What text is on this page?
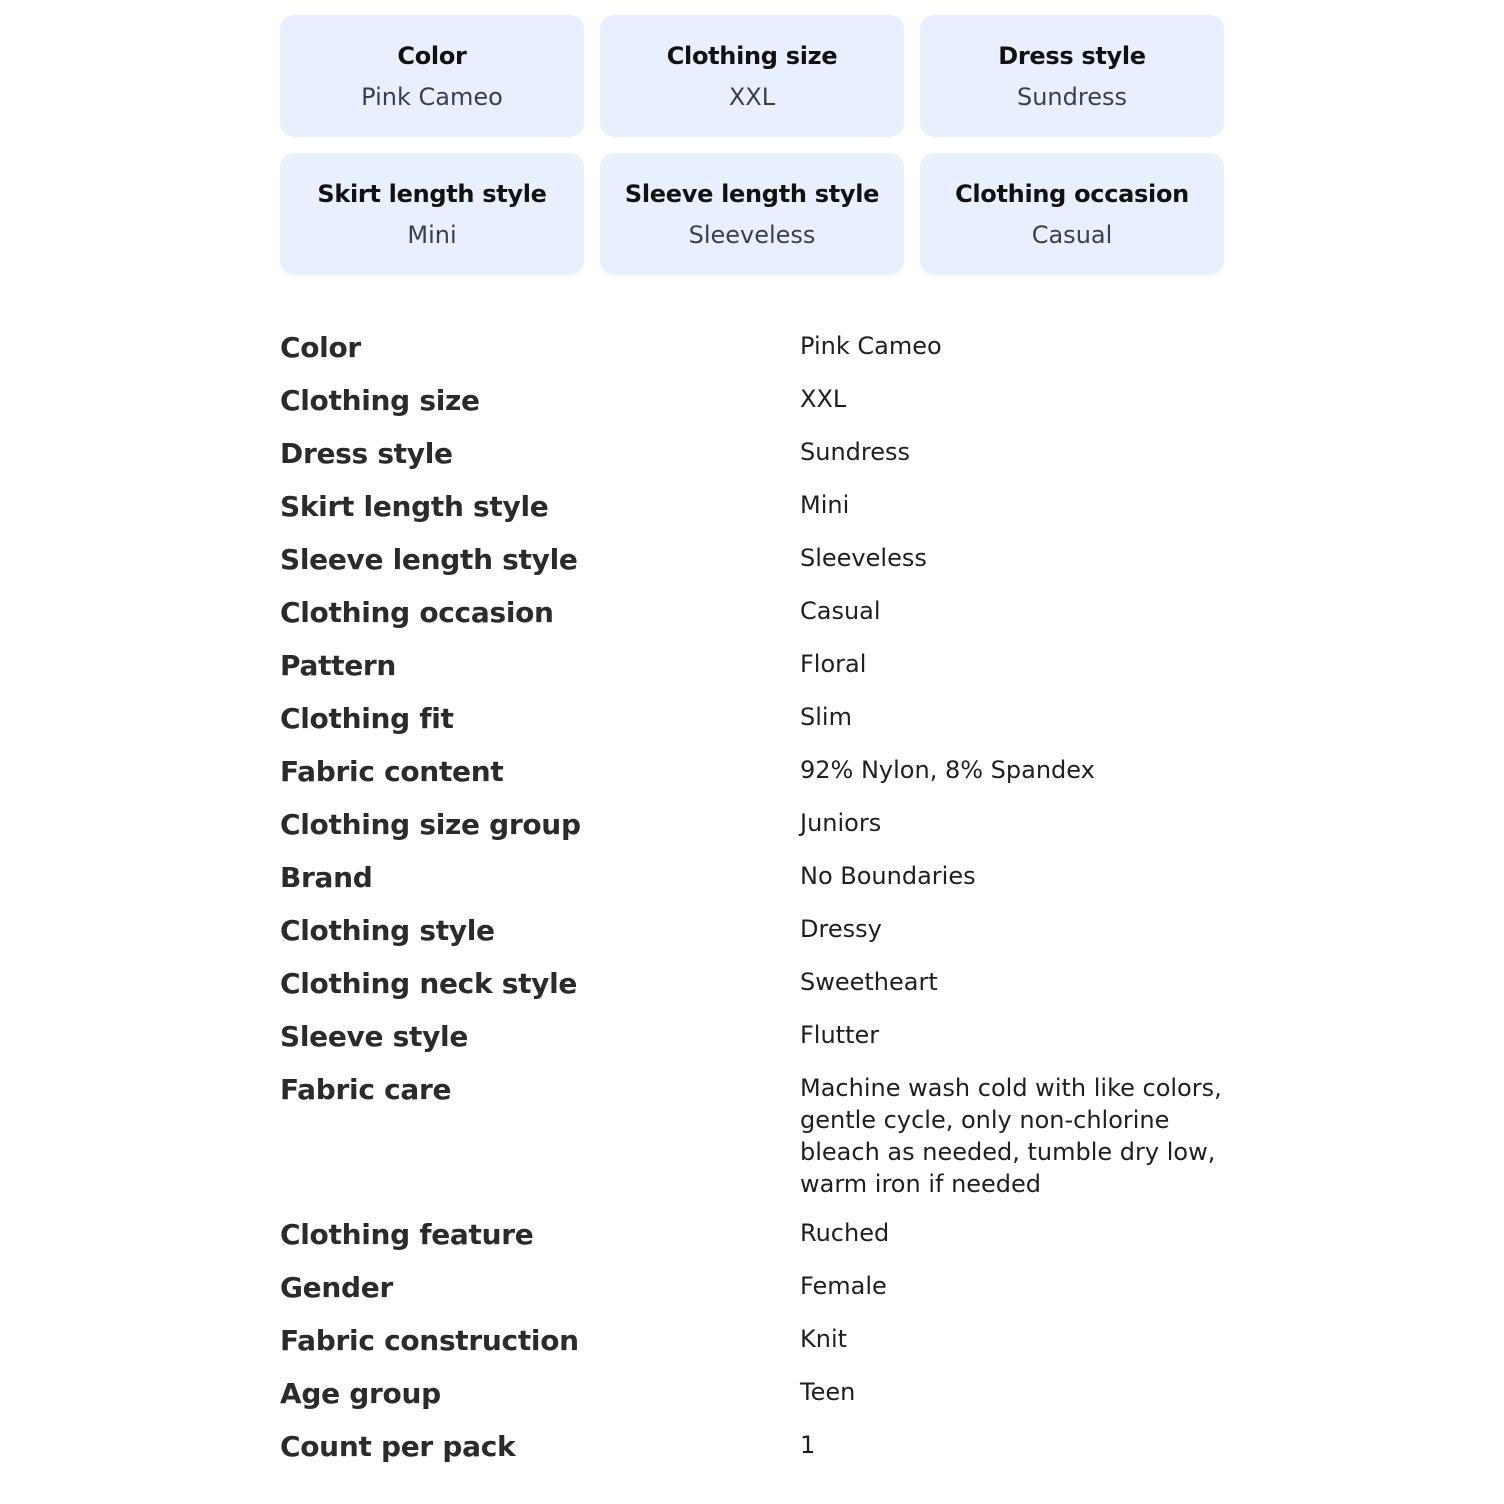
Color
Pink Cameo
Clothing size
XXL
Dress style
Sundress
Skirt length style
Mini
Sleeve length style
Sleeveless
Clothing occasion
Casual
Color	Pink Cameo
Clothing size	XXL
Dress style	Sundress
Skirt length style	Mini
Sleeve length style	Sleeveless
Clothing occasion	Casual
Pattern	Floral
Clothing fit	Slim
Fabric content	92% Nylon, 8% Spandex
Clothing size group	Juniors
Brand	No Boundaries
Clothing style	Dressy
Clothing neck style	Sweetheart
Sleeve style	Flutter
Fabric care	Machine wash cold with like colors, gentle cycle, only non-chlorine bleach as needed, tumble dry low, warm iron if needed
Clothing feature	Ruched
Gender	Female
Fabric construction	Knit
Age group	Teen
Count per pack	1
